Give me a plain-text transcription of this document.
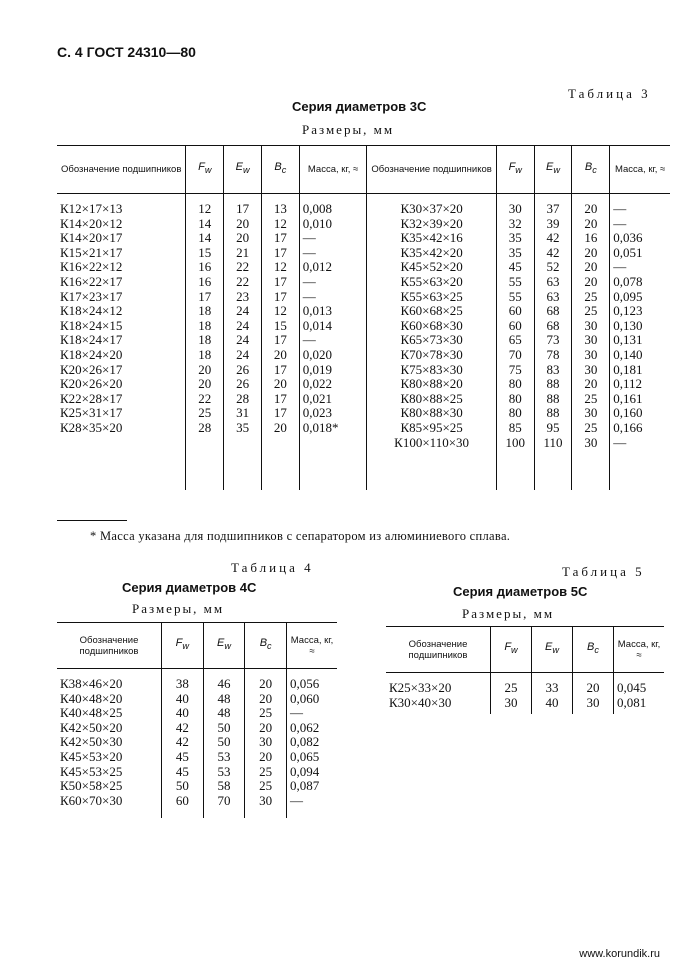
С. 4 ГОСТ 24310—80
Таблица 3
Серия диаметров 3С
Размеры, мм
Обозначение подшипников	$F_w$	$E_w$	$B_c$	Масса, кг, ≈	Обозначение подшипников	$F_w$	$E_w$	$B_c$	Масса, кг, ≈

К12×17×13	12	17	13	0,008	К30×37×20	30	37	20	—
К14×20×12	14	20	12	0,010	К32×39×20	32	39	20	—
К14×20×17	14	20	17	—	К35×42×16	35	42	16	0,036
К15×21×17	15	21	17	—	К35×42×20	35	42	20	0,051
К16×22×12	16	22	12	0,012	К45×52×20	45	52	20	—
К16×22×17	16	22	17	—	К55×63×20	55	63	20	0,078
К17×23×17	17	23	17	—	К55×63×25	55	63	25	0,095
К18×24×12	18	24	12	0,013	К60×68×25	60	68	25	0,123
К18×24×15	18	24	15	0,014	К60×68×30	60	68	30	0,130
К18×24×17	18	24	17	—	К65×73×30	65	73	30	0,131
К18×24×20	18	24	20	0,020	К70×78×30	70	78	30	0,140
К20×26×17	20	26	17	0,019	К75×83×30	75	83	30	0,181
К20×26×20	20	26	20	0,022	К80×88×20	80	88	20	0,112
К22×28×17	22	28	17	0,021	К80×88×25	80	88	25	0,161
К25×31×17	25	31	17	0,023	К80×88×30	80	88	30	0,160
К28×35×20	28	35	20	0,018*	К85×95×25	85	95	25	0,166
					К100×110×30	100	110	30	—

* Масса указана для подшипников с сепаратором из алюминиевого сплава.
Таблица 4
Серия диаметров 4С
Размеры, мм
Обозначение подшипников	$F_w$	$E_w$	$B_c$	Масса, кг, ≈

К38×46×20	38	46	20	0,056
К40×48×20	40	48	20	0,060
К40×48×25	40	48	25	—
К42×50×20	42	50	20	0,062
К42×50×30	42	50	30	0,082
К45×53×20	45	53	20	0,065
К45×53×25	45	53	25	0,094
К50×58×25	50	58	25	0,087
К60×70×30	60	70	30	—

Таблица 5
Серия диаметров 5С
Размеры, мм
Обозначение подшипников	$F_w$	$E_w$	$B_c$	Масса, кг, ≈

К25×33×20	25	33	20	0,045
К30×40×30	30	40	30	0,081

www.korundik.ru
